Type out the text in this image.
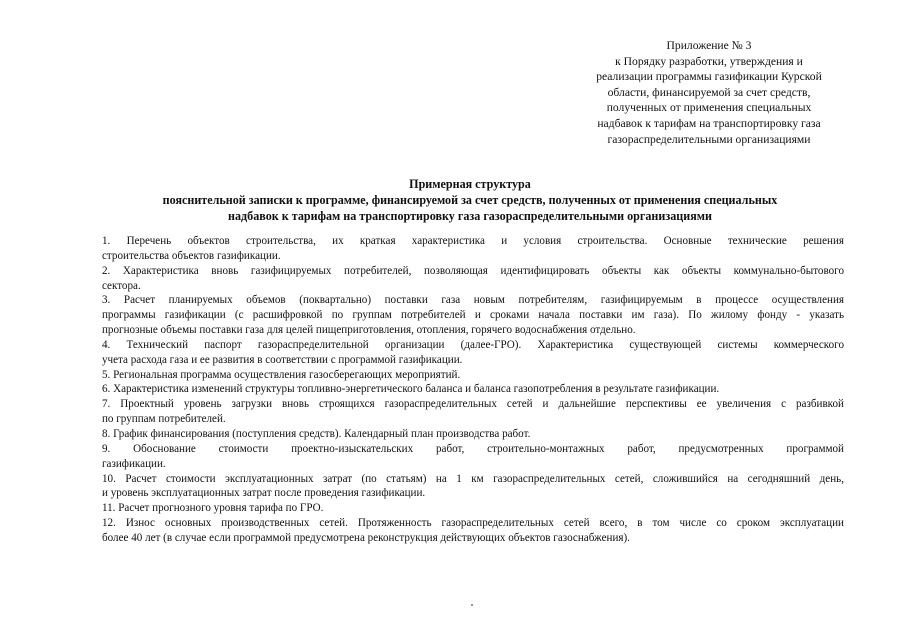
Приложение № 3
к Порядку разработки, утверждения и
реализации программы газификации Курской
области, финансируемой за счет средств,
полученных от применения специальных
надбавок к тарифам на транспортировку газа
газораспределительными организациями
Примерная структура
пояснительной записки к программе, финансируемой за счет средств, полученных от применения специальных
надбавок к тарифам на транспортировку газа газораспределительными организациями

1. Перечень объектов строительства, их краткая характеристика и условия строительства. Основные технические решения
строительства объектов газификации.

2. Характеристика вновь газифицируемых потребителей, позволяющая идентифицировать объекты как объекты коммунально-бытового
сектора.

3. Расчет планируемых объемов (поквартально) поставки газа новым потребителям, газифицируемым в процессе осуществления
программы газификации (с расшифровкой по группам потребителей и сроками начала поставки им газа). По жилому фонду - указать
прогнозные объемы поставки газа для целей пищеприготовления, отопления, горячего водоснабжения отдельно.

4. Технический паспорт газораспределительной организации (далее-ГРО). Характеристика существующей системы коммерческого
учета расхода газа и ее развития в соответствии с программой газификации.

5. Региональная программа осуществления газосберегающих мероприятий.

6. Характеристика изменений структуры топливно-энергетического баланса и баланса газопотребления в результате газификации.

7. Проектный уровень загрузки вновь строящихся газораспределительных сетей и дальнейшие перспективы ее увеличения с разбивкой
по группам потребителей.

8. График финансирования (поступления средств). Календарный план производства работ.

9. Обоснование стоимости проектно-изыскательских работ, строительно-монтажных работ, предусмотренных программой
газификации.

10. Расчет стоимости эксплуатационных затрат (по статьям) на 1 км газораспределительных сетей, сложившийся на сегодняшний день,
и уровень эксплуатационных затрат после проведения газификации.

11. Расчет прогнозного уровня тарифа по ГРО.

12. Износ основных производственных сетей. Протяженность газораспределительных сетей всего, в том числе со сроком эксплуатации
более 40 лет (в случае если программой предусмотрена реконструкция действующих объектов газоснабжения).
